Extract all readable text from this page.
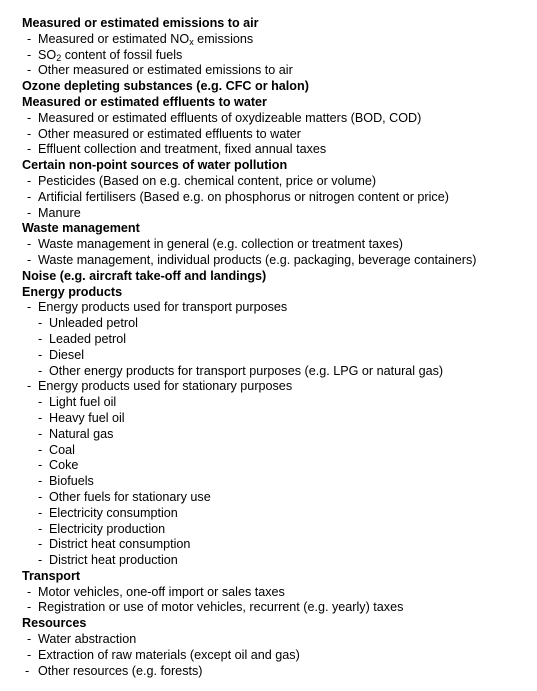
Measured or estimated emissions to air
- Measured or estimated $NO_x$ emissions
- $SO_2$ content of fossil fuels
- Other measured or estimated emissions to air
Ozone depleting substances (e.g. CFC or halon)
Measured or estimated effluents to water
- Measured or estimated effluents of oxydizeable matters (BOD, COD)
- Other measured or estimated effluents to water
- Effluent collection and treatment, fixed annual taxes
Certain non-point sources of water pollution
- Pesticides (Based on e.g. chemical content, price or volume)
- Artificial fertilisers (Based e.g. on phosphorus or nitrogen content or price)
- Manure
Waste management
- Waste management in general (e.g. collection or treatment taxes)
- Waste management, individual products (e.g. packaging, beverage containers)
Noise (e.g. aircraft take-off and landings)
Energy products
- Energy products used for transport purposes
- Unleaded petrol
- Leaded petrol
- Diesel
- Other energy products for transport purposes (e.g. LPG or natural gas)
- Energy products used for stationary purposes
- Light fuel oil
- Heavy fuel oil
- Natural gas
- Coal
- Coke
- Biofuels
- Other fuels for stationary use
- Electricity consumption
- Electricity production
- District heat consumption
- District heat production
Transport
- Motor vehicles, one-off import or sales taxes
- Registration or use of motor vehicles, recurrent (e.g. yearly) taxes
Resources
- Water abstraction
- Extraction of raw materials (except oil and gas)
- Other resources (e.g. forests)
